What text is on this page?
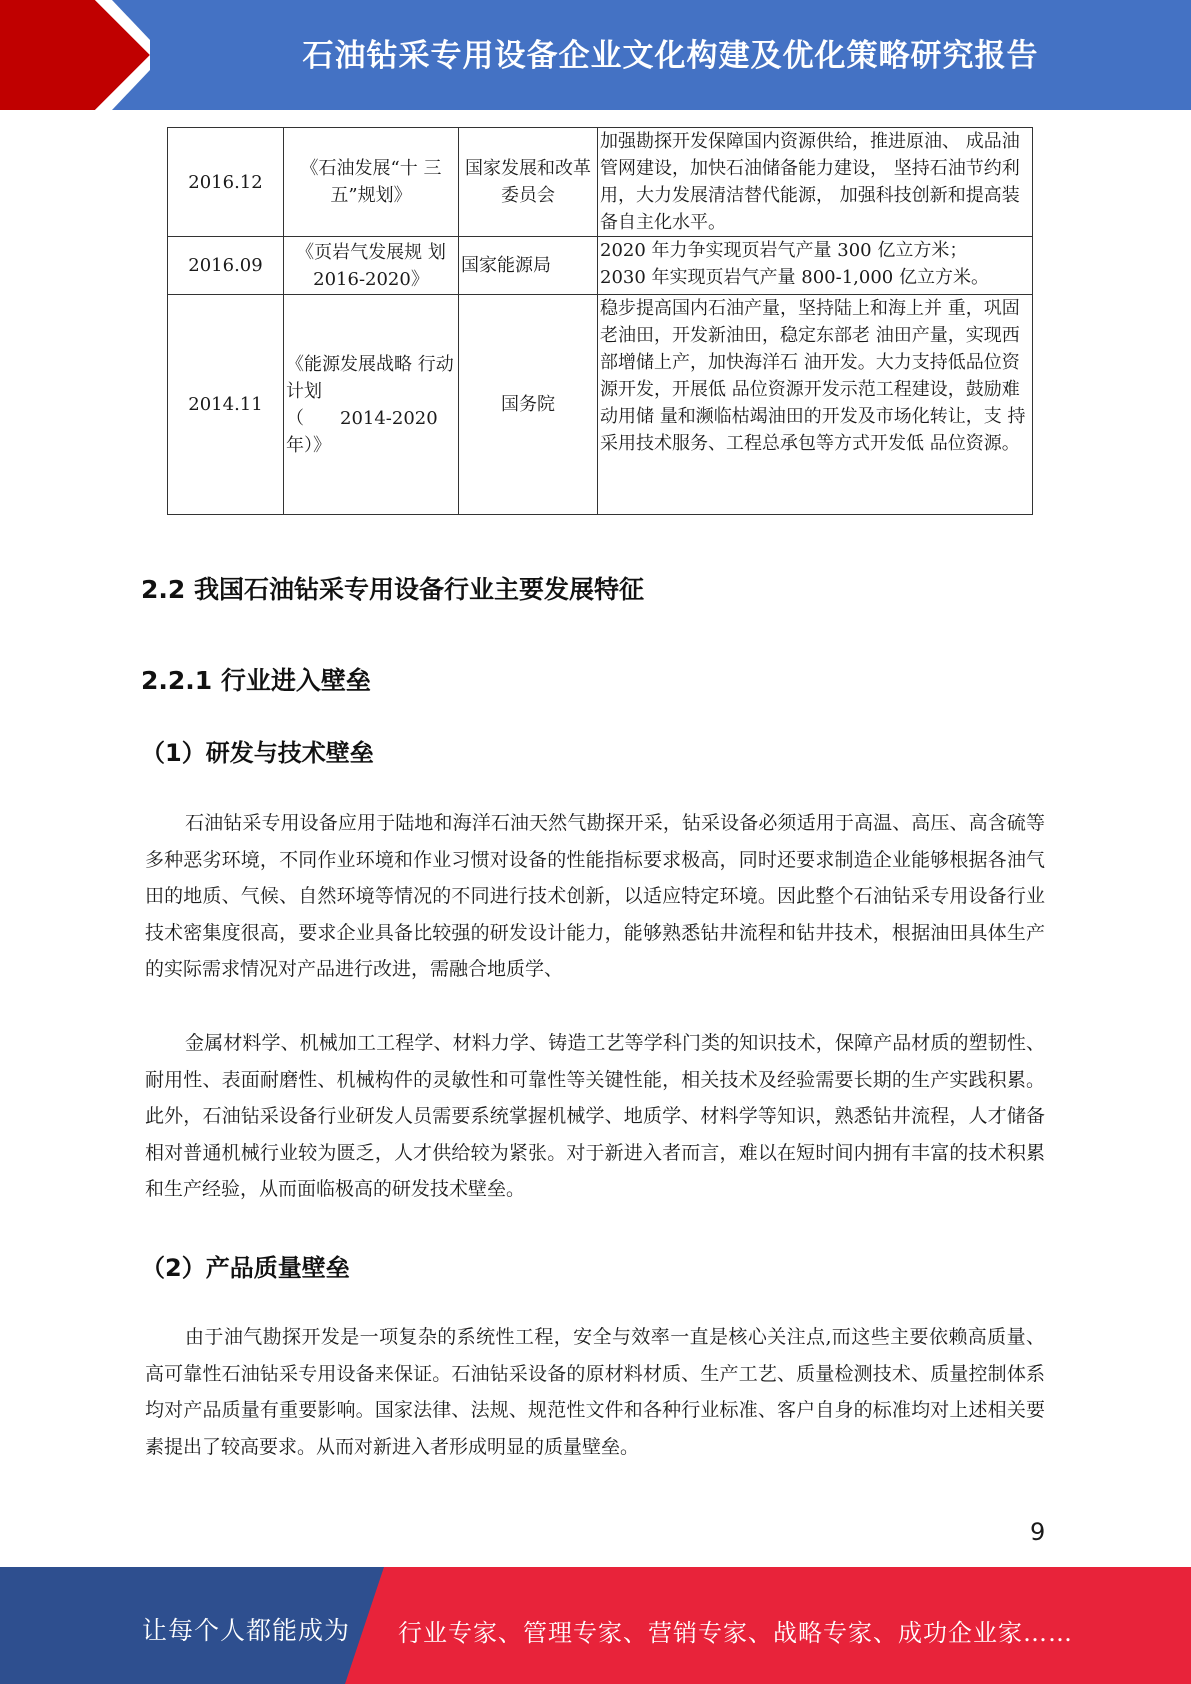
石油钻采专用设备企业文化构建及优化策略研究报告
2016.12	《石油发展“十 三五”规划》	国家发展和改革委员会	加强勘探开发保障国内资源供给，推进原油、 成品油管网建设，加快石油储备能力建设， 坚持石油节约利用，大力发展清洁替代能源， 加强科技创新和提高装备自主化水平。
2016.09	《页岩气发展规 划 2016-2020》	国家能源局	2020 年力争实现页岩气产量 300 亿立方米；
2030 年实现页岩气产量 800-1,000 亿立方米。

2014.11	《能源发展战略 行动计划
（　　2014-2020
年）》	国务院	稳步提高国内石油产量，坚持陆上和海上并 重，巩固老油田，开发新油田，稳定东部老 油田产量，实现西部增储上产，加快海洋石 油开发。大力支持低品位资源开发，开展低 品位资源开发示范工程建设，鼓励难动用储 量和濒临枯竭油田的开发及市场化转让，支 持采用技术服务、工程总承包等方式开发低 品位资源。
2.2 我国石油钻采专用设备行业主要发展特征
2.2.1 行业进入壁垒
（1）研发与技术壁垒

石油钻采专用设备应用于陆地和海洋石油天然气勘探开采，钻采设备必须适用于高温、高压、高含硫等多种恶劣环境，不同作业环境和作业习惯对设备的性能指标要求极高，同时还要求制造企业能够根据各油气田的地质、气候、自然环境等情况的不同进行技术创新，以适应特定环境。因此整个石油钻采专用设备行业技术密集度很高，要求企业具备比较强的研发设计能力，能够熟悉钻井流程和钻井技术，根据油田具体生产的实际需求情况对产品进行改进，需融合地质学、

金属材料学、机械加工工程学、材料力学、铸造工艺等学科门类的知识技术，保障产品材质的塑韧性、耐用性、表面耐磨性、机械构件的灵敏性和可靠性等关键性能，相关技术及经验需要长期的生产实践积累。此外，石油钻采设备行业研发人员需要系统掌握机械学、地质学、材料学等知识，熟悉钻井流程，人才储备相对普通机械行业较为匮乏，人才供给较为紧张。对于新进入者而言，难以在短时间内拥有丰富的技术积累和生产经验，从而面临极高的研发技术壁垒。

（2）产品质量壁垒

由于油气勘探开发是一项复杂的系统性工程，安全与效率一直是核心关注点,而这些主要依赖高质量、高可靠性石油钻采专用设备来保证。石油钻采设备的原材料材质、生产工艺、质量检测技术、质量控制体系均对产品质量有重要影响。国家法律、法规、规范性文件和各种行业标准、客户自身的标准均对上述相关要素提出了较高要求。从而对新进入者形成明显的质量壁垒。

9
让每个人都能成为 行业专家、管理专家、营销专家、战略专家、成功企业家……
